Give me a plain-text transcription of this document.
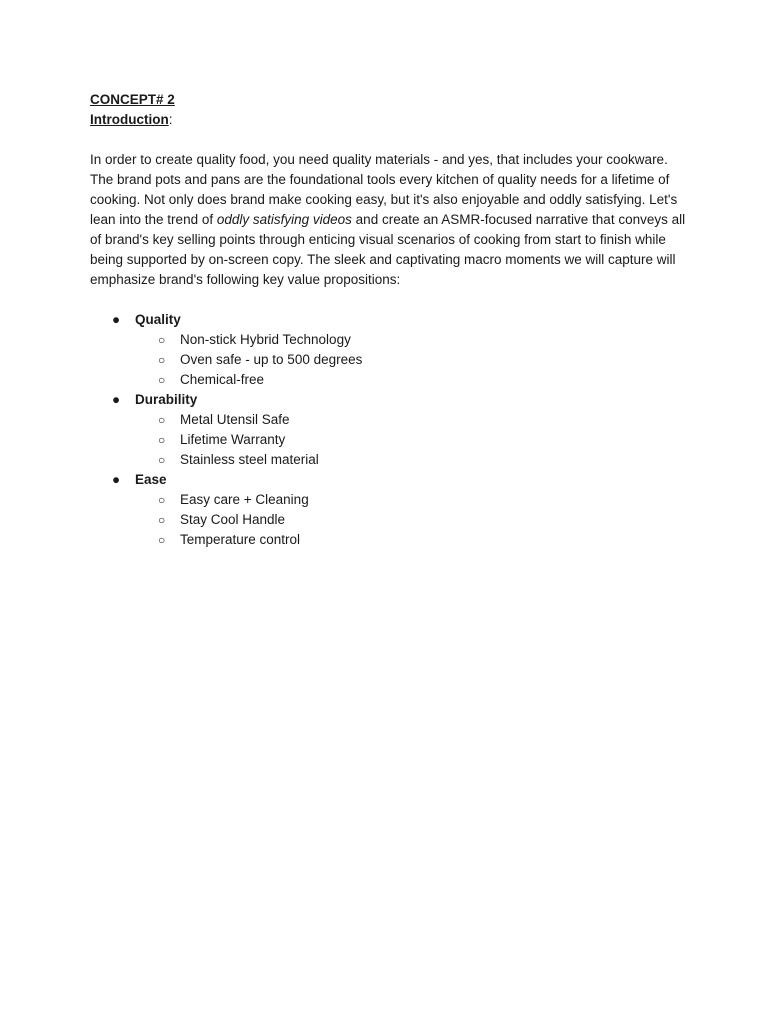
CONCEPT# 2

Introduction:

In order to create quality food, you need quality materials - and yes, that includes your cookware. The brand pots and pans are the foundational tools every kitchen of quality needs for a lifetime of cooking. Not only does brand make cooking easy, but it's also enjoyable and oddly satisfying. Let's lean into the trend of oddly satisfying videos and create an ASMR-focused narrative that conveys all of brand's key selling points through enticing visual scenarios of cooking from start to finish while being supported by on-screen copy. The sleek and captivating macro moments we will capture will emphasize brand's following key value propositions:

● Quality
○ Non-stick Hybrid Technology
○ Oven safe - up to 500 degrees
○ Chemical-free
● Durability
○ Metal Utensil Safe
○ Lifetime Warranty
○ Stainless steel material
● Ease
○ Easy care + Cleaning
○ Stay Cool Handle
○ Temperature control
